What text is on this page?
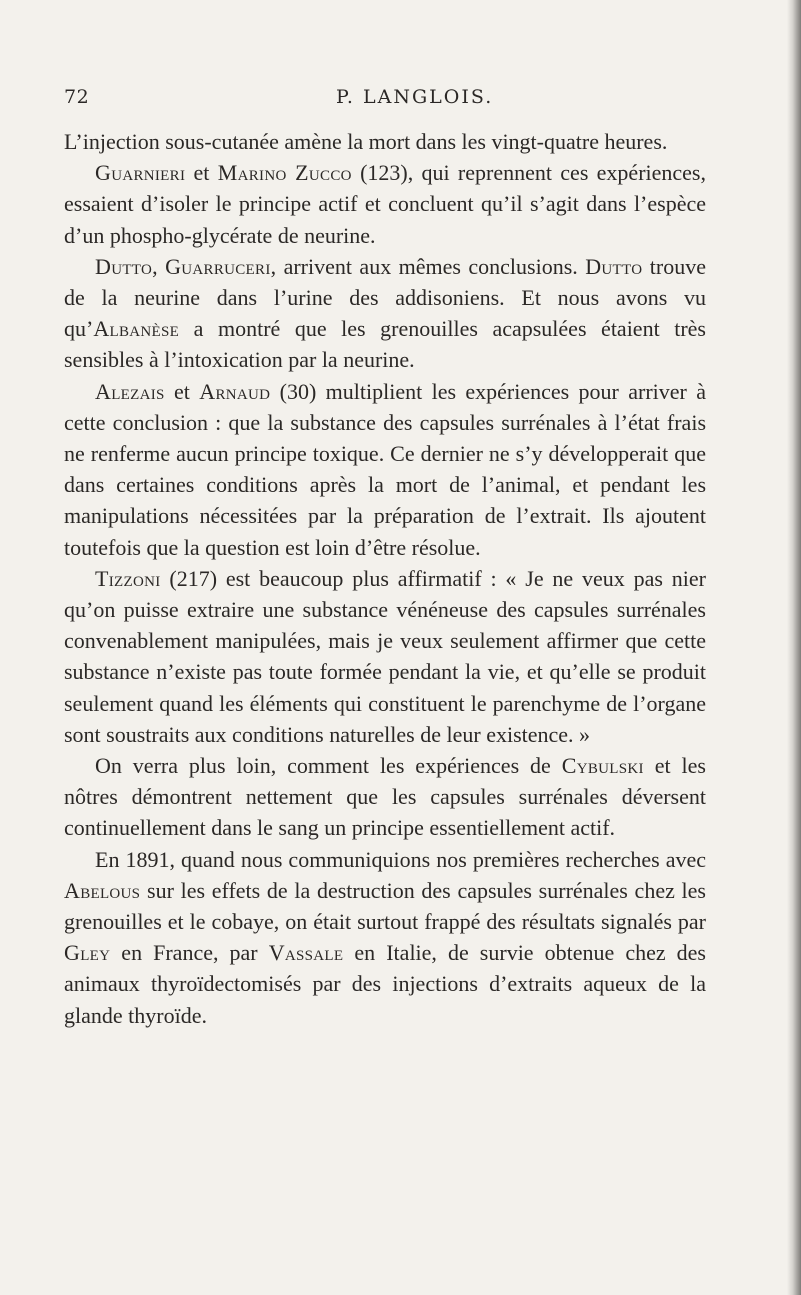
72	P. LANGLOIS.

L’injection sous-cutanée amène la mort dans les vingt-quatre heures.

Guarnieri et Marino Zucco (123), qui reprennent ces expériences, essaient d’isoler le principe actif et concluent qu’il s’agit dans l’espèce d’un phospho-glycérate de neurine.

Dutto, Guarruceri, arrivent aux mêmes conclusions. Dutto trouve de la neurine dans l’urine des addisoniens. Et nous avons vu qu’Albanèse a montré que les grenouilles acapsulées étaient très sensibles à l’intoxication par la neurine.

Alezais et Arnaud (30) multiplient les expériences pour arriver à cette conclusion : que la substance des capsules surrénales à l’état frais ne renferme aucun principe toxique. Ce dernier ne s’y développerait que dans certaines conditions après la mort de l’animal, et pendant les manipulations nécessitées par la préparation de l’extrait. Ils ajoutent toutefois que la question est loin d’être résolue.

Tizzoni (217) est beaucoup plus affirmatif : « Je ne veux pas nier qu’on puisse extraire une substance vénéneuse des capsules surrénales convenablement manipulées, mais je veux seulement affirmer que cette substance n’existe pas toute formée pendant la vie, et qu’elle se produit seulement quand les éléments qui constituent le parenchyme de l’organe sont soustraits aux conditions naturelles de leur existence. »

On verra plus loin, comment les expériences de Cybulski et les nôtres démontrent nettement que les capsules surrénales déversent continuellement dans le sang un principe essentiellement actif.

En 1891, quand nous communiquions nos premières recherches avec Abelous sur les effets de la destruction des capsules surrénales chez les grenouilles et le cobaye, on était surtout frappé des résultats signalés par Gley en France, par Vassale en Italie, de survie obtenue chez des animaux thyroïdectomisés par des injections d’extraits aqueux de la glande thyroïde.
